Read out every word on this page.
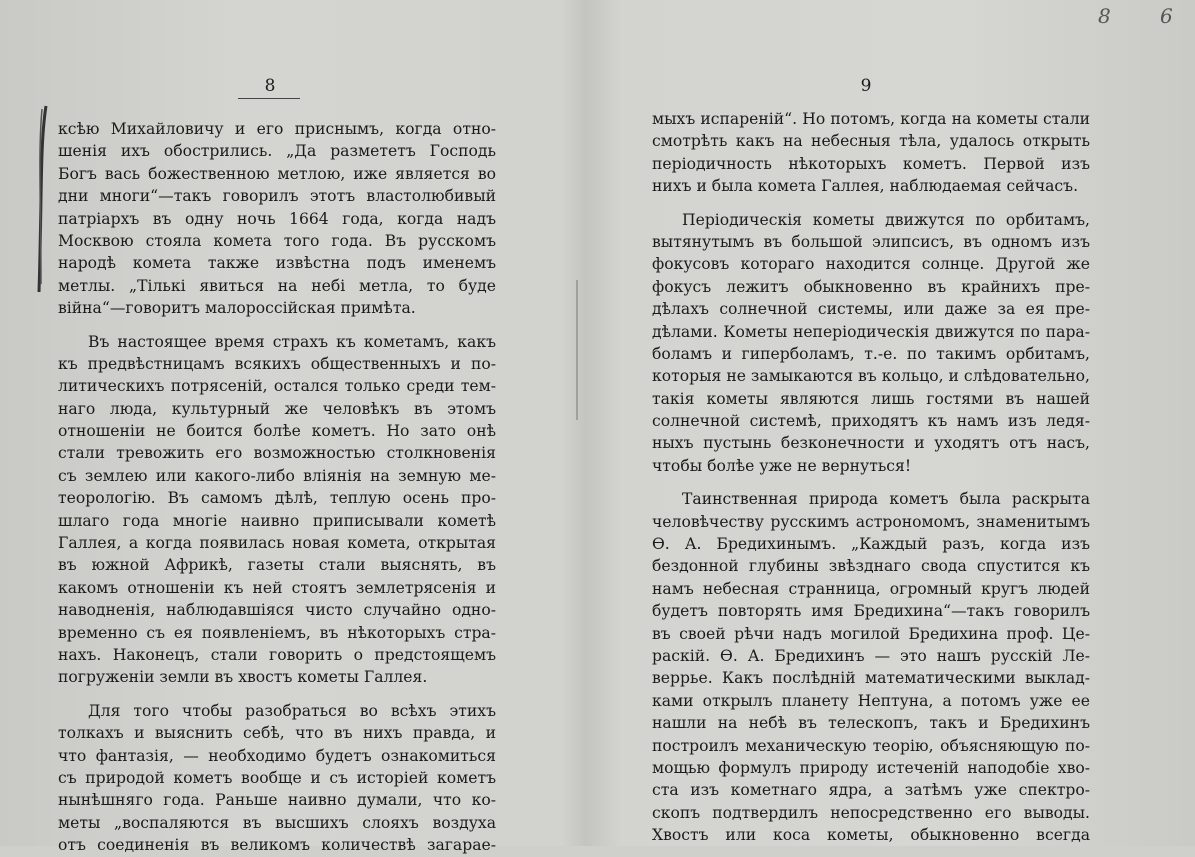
8 6
8
ксѣю Михайловичу и его приснымъ, когда отно-
шенія ихъ обострились. „Да размететъ Господь
Богъ вась божественною метлою, иже является во
дни многи“—такъ говорилъ этотъ властолюбивый
патріархъ въ одну ночь 1664 года, когда надъ
Москвою стояла комета того года. Въ русскомъ
народѣ комета также извѣстна подъ именемъ
метлы. „Тількі явиться на небі метла, то буде
війна“—говоритъ малороссійская примѣта.
Въ настоящее время страхъ къ кометамъ, какъ
къ предвѣстницамъ всякихъ общественныхъ и по-
литическихъ потрясеній, остался только среди тем-
наго люда, культурный же человѣкъ въ этомъ
отношеніи не боится болѣе кометъ. Но зато онѣ
стали тревожить его возможностью столкновенія
съ землею или какого-либо вліянія на земную ме-
теорологію. Въ самомъ дѣлѣ, теплую осень про-
шлаго года многіе наивно приписывали кометѣ
Галлея, а когда появилась новая комета, открытая
въ южной Африкѣ, газеты стали выяснять, въ
какомъ отношеніи къ ней стоятъ землетрясенія и
наводненія, наблюдавшіяся чисто случайно одно-
временно съ ея появленіемъ, въ нѣкоторыхъ стра-
нахъ. Наконецъ, стали говорить о предстоящемъ
погруженіи земли въ хвостъ кометы Галлея.
Для того чтобы разобраться во всѣхъ этихъ
толкахъ и выяснить себѣ, что въ нихъ правда, и
что фантазія, — необходимо будетъ ознакомиться
съ природой кометъ вообще и съ исторіей кометъ
нынѣшняго года. Раньше наивно думали, что ко-
меты „воспаляются въ высшихъ слояхъ воздуха
отъ соединенія въ великомъ количествѣ загарае-
9
мыхъ испареній“. Но потомъ, когда на кометы стали
смотрѣть какъ на небесныя тѣла, удалось открыть
періодичность нѣкоторыхъ кометъ. Первой изъ
нихъ и была комета Галлея, наблюдаемая сейчасъ.
Періодическія кометы движутся по орбитамъ,
вытянутымъ въ большой элипсисъ, въ одномъ изъ
фокусовъ котораго находится солнце. Другой же
фокусъ лежитъ обыкновенно въ крайнихъ пре-
дѣлахъ солнечной системы, или даже за ея пре-
дѣлами. Кометы неперіодическія движутся по пара-
боламъ и гиперболамъ, т.-е. по такимъ орбитамъ,
которыя не замыкаются въ кольцо, и слѣдовательно,
такія кометы являются лишь гостями въ нашей
солнечной системѣ, приходятъ къ намъ изъ ледя-
ныхъ пустынь безконечности и уходятъ отъ насъ,
чтобы болѣе уже не вернуться!
Таинственная природа кометъ была раскрыта
человѣчеству русскимъ астрономомъ, знаменитымъ
Ѳ. А. Бредихинымъ. „Каждый разъ, когда изъ
бездонной глубины звѣзднаго свода спустится къ
намъ небесная странница, огромный кругъ людей
будетъ повторять имя Бредихина“—такъ говорилъ
въ своей рѣчи надъ могилой Бредихина проф. Це-
раскій. Ѳ. А. Бредихинъ — это нашъ русскій Ле-
веррье. Какъ послѣдній математическими выклад-
ками открылъ планету Нептуна, а потомъ уже ее
нашли на небѣ въ телескопъ, такъ и Бредихинъ
построилъ механическую теорію, объясняющую по-
мощью формулъ природу истеченій наподобіе хво-
ста изъ кометнаго ядра, а затѣмъ уже спектро-
скопъ подтвердилъ непосредственно его выводы.
Хвостъ или коса кометы, обыкновенно всегда
